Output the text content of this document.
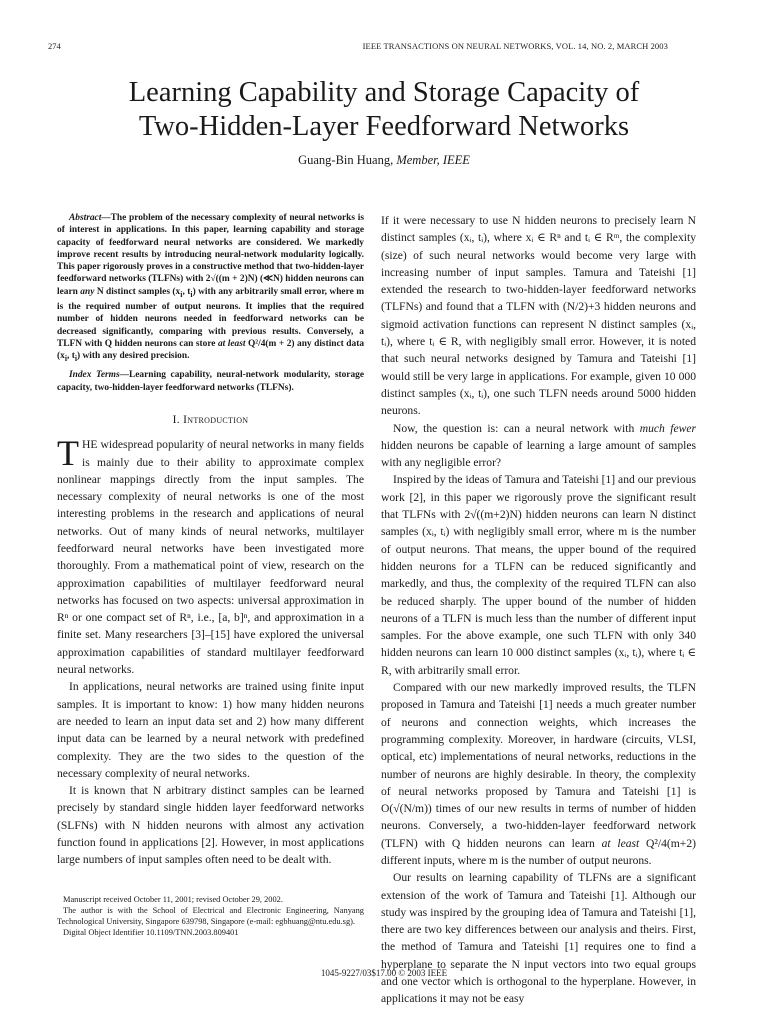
274	IEEE TRANSACTIONS ON NEURAL NETWORKS, VOL. 14, NO. 2, MARCH 2003
Learning Capability and Storage Capacity of
Two-Hidden-Layer Feedforward Networks
Guang-Bin Huang, Member, IEEE

Abstract—The problem of the necessary complexity of neural networks is of interest in applications. In this paper, learning capability and storage capacity of feedforward neural networks are considered. We markedly improve recent results by introducing neural-network modularity logically. This paper rigorously proves in a constructive method that two-hidden-layer feedforward networks (TLFNs) with 2√((m + 2)N) (≪N) hidden neurons can learn any N distinct samples ($x_i$, $t_i$) with any arbitrarily small error, where m is the required number of output neurons. It implies that the required number of hidden neurons needed in feedforward networks can be decreased significantly, comparing with previous results. Conversely, a TLFN with Q hidden neurons can store at least Q²/4(m + 2) any distinct data ($x_i$, $t_i$) with any desired precision.

Index Terms—Learning capability, neural-network modularity, storage capacity, two-hidden-layer feedforward networks (TLFNs).

I. Introduction

THE widespread popularity of neural networks in many fields is mainly due to their ability to approximate complex nonlinear mappings directly from the input samples. The necessary complexity of neural networks is one of the most interesting problems in the research and applications of neural networks. Out of many kinds of neural networks, multilayer feedforward neural networks have been investigated more thoroughly. From a mathematical point of view, research on the approximation capabilities of multilayer feedforward neural networks has focused on two aspects: universal approximation in Rⁿ or one compact set of Rⁿ, i.e., [a, b]ⁿ, and approximation in a finite set. Many researchers [3]–[15] have explored the universal approximation capabilities of standard multilayer feedforward neural networks.

In applications, neural networks are trained using finite input samples. It is important to know: 1) how many hidden neurons are needed to learn an input data set and 2) how many different input data can be learned by a neural network with predefined complexity. They are the two sides to the question of the necessary complexity of neural networks.

It is known that N arbitrary distinct samples can be learned precisely by standard single hidden layer feedforward networks (SLFNs) with N hidden neurons with almost any activation function found in applications [2]. However, in most applications large numbers of input samples often need to be dealt with.

If it were necessary to use N hidden neurons to precisely learn N distinct samples (xᵢ, tᵢ), where xᵢ ∈ Rⁿ and tᵢ ∈ Rᵐ, the complexity (size) of such neural networks would become very large with increasing number of input samples. Tamura and Tateishi [1] extended the research to two-hidden-layer feedforward networks (TLFNs) and found that a TLFN with (N/2)+3 hidden neurons and sigmoid activation functions can represent N distinct samples (xᵢ, tᵢ), where tᵢ ∈ R, with negligibly small error. However, it is noted that such neural networks designed by Tamura and Tateishi [1] would still be very large in applications. For example, given 10 000 distinct samples (xᵢ, tᵢ), one such TLFN needs around 5000 hidden neurons.

Now, the question is: can a neural network with much fewer hidden neurons be capable of learning a large amount of samples with any negligible error?

Inspired by the ideas of Tamura and Tateishi [1] and our previous work [2], in this paper we rigorously prove the significant result that TLFNs with 2√((m+2)N) hidden neurons can learn N distinct samples (xᵢ, tᵢ) with negligibly small error, where m is the number of output neurons. That means, the upper bound of the required hidden neurons for a TLFN can be reduced significantly and markedly, and thus, the complexity of the required TLFN can also be reduced sharply. The upper bound of the number of hidden neurons of a TLFN is much less than the number of different input samples. For the above example, one such TLFN with only 340 hidden neurons can learn 10 000 distinct samples (xᵢ, tᵢ), where tᵢ ∈ R, with arbitrarily small error.

Compared with our new markedly improved results, the TLFN proposed in Tamura and Tateishi [1] needs a much greater number of neurons and connection weights, which increases the programming complexity. Moreover, in hardware (circuits, VLSI, optical, etc) implementations of neural networks, reductions in the number of neurons are highly desirable. In theory, the complexity of neural networks proposed by Tamura and Tateishi [1] is O(√(N/m)) times of our new results in terms of number of hidden neurons. Conversely, a two-hidden-layer feedforward network (TLFN) with Q hidden neurons can learn at least Q²/4(m+2) different inputs, where m is the number of output neurons.

Our results on learning capability of TLFNs are a significant extension of the work of Tamura and Tateishi [1]. Although our study was inspired by the grouping idea of Tamura and Tateishi [1], there are two key differences between our analysis and theirs. First, the method of Tamura and Tateishi [1] requires one to find a hyperplane to separate the N input vectors into two equal groups and one vector which is orthogonal to the hyperplane. However, in applications it may not be easy

Manuscript received October 11, 2001; revised October 29, 2002.

The author is with the School of Electrical and Electronic Engineering, Nanyang Technological University, Singapore 639798, Singapore (e-mail: egbhuang@ntu.edu.sg).

Digital Object Identifier 10.1109/TNN.2003.809401

1045-9227/03$17.00 © 2003 IEEE
